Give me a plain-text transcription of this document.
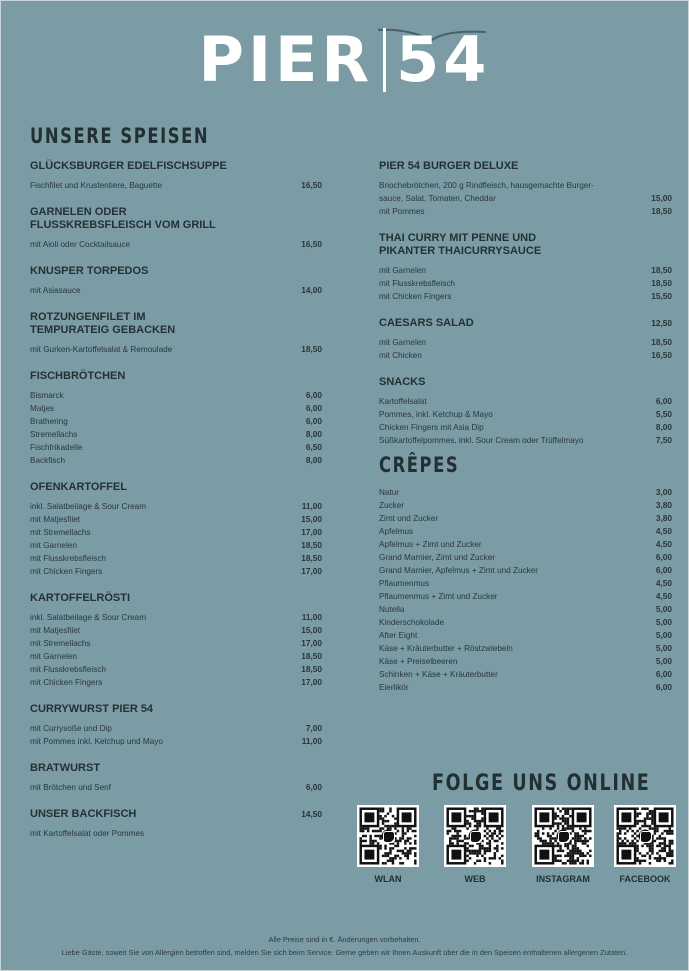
PIER 54
UNSERE SPEISEN
GLÜCKSBURGER EDELFISCHSUPPE
Fischfilet und Krustentiere, Baguette	16,50
GARNELEN ODER
FLUSSKREBSFLEISCH VOM GRILL
mit Aioli oder Cocktailsauce	16,50
KNUSPER TORPEDOS
mit Asiasauce	14,00
ROTZUNGENFILET IM
TEMPURATEIG GEBACKEN
mit Gurken-Kartoffelsalat & Remoulade	18,50
FISCHBRÖTCHEN
Bismarck	6,00
Matjes	6,00
Brathering	6,00
Stremellachs	8,00
Fischfrikadelle	6,50
Backfisch	8,00
OFENKARTOFFEL
inkl. Salatbeilage & Sour Cream	11,00
mit Matjesfilet	15,00
mit Stremellachs	17,00
mit Garnelen	18,50
mit Flusskrebsfleisch	18,50
mit Chicken Fingers	17,00
KARTOFFELRÖSTI
inkl. Salatbeilage & Sour Cream	11,00
mit Matjesfilet	15,00
mit Stremellachs	17,00
mit Garnelen	18,50
mit Flusskrebsfleisch	18,50
mit Chicken Fingers	17,00
CURRYWURST PIER 54
mit Currysoße und Dip	7,00
mit Pommes inkl. Ketchup und Mayo	11,00
BRATWURST
mit Brötchen und Senf	6,00
UNSER BACKFISCH	14,50
mit Kartoffelsalat oder Pommes
PIER 54 BURGER DELUXE
Briochebrötchen, 200 g Rindfleisch, hausgemachte Burger-
sauce, Salat, Tomaten, Cheddar	15,00
mit Pommes	18,50
THAI CURRY MIT PENNE UND
PIKANTER THAICURRYSAUCE
mit Garnelen	18,50
mit Flusskrebsfleisch	18,50
mit Chicken Fingers	15,50
CAESARS SALAD	12,50
mit Garnelen	18,50
mit Chicken	16,50
SNACKS
Kartoffelsalat	6,00
Pommes, inkl. Ketchup & Mayo	5,50
Chicken Fingers mit Asia Dip	8,00
Süßkartoffelpommes, inkl. Sour Cream oder Trüffelmayo	7,50
CRÊPES
Natur	3,00
Zucker	3,80
Zimt und Zucker	3,80
Apfelmus	4,50
Apfelmus + Zimt und Zucker	4,50
Grand Marnier, Zimt und Zucker	6,00
Grand Marnier, Apfelmus + Zimt und Zucker	6,00
Pflaumenmus	4,50
Pflaumenmus + Zimt und Zucker	4,50
Nutella	5,00
Kinderschokolade	5,00
After Eight	5,00
Käse + Kräuterbutter + Röstzwiebeln	5,00
Käse + Preiselbeeren	5,00
Schinken + Käse + Kräuterbutter	6,00
Eierlikör	6,00
FOLGE UNS ONLINE
WLAN	WEB	INSTAGRAM	FACEBOOK
Alle Preise sind in €. Änderungen vorbehalten.
Liebe Gäste, soweit Sie von Allergien betroffen sind, melden Sie sich beim Service. Gerne geben wir Ihnen Auskunft über die in den Speisen enthaltenen allergenen Zutaten.
